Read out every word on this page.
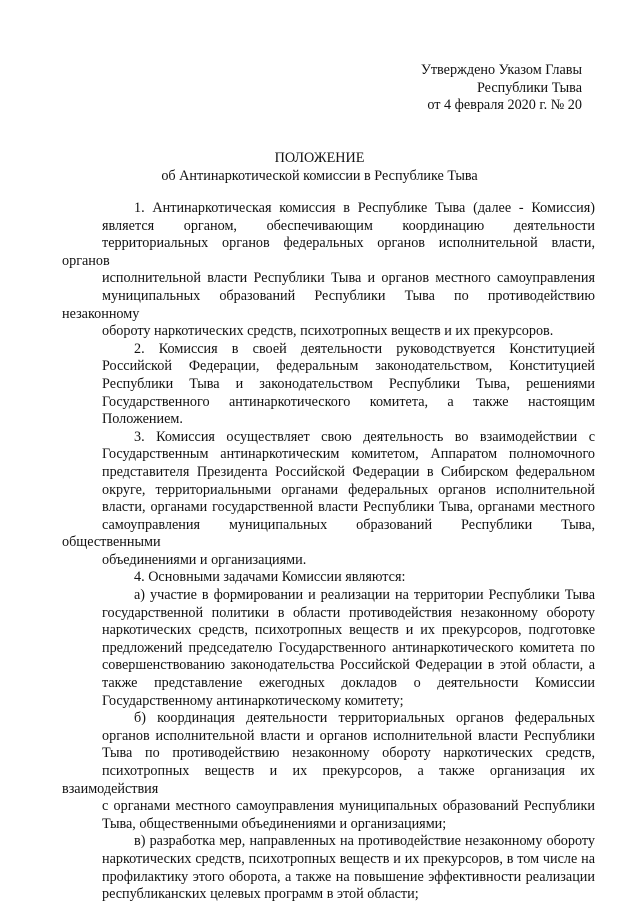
Утверждено Указом Главы
Республики Тыва
от 4 февраля 2020 г. № 20
ПОЛОЖЕНИЕ
об Антинаркотической комиссии в Республике Тыва
1. Антинаркотическая комиссия в Республике Тыва (далее - Комиссия)
является органом, обеспечивающим координацию деятельности
территориальных органов федеральных органов исполнительной власти, органов
исполнительной власти Республики Тыва и органов местного самоуправления
муниципальных образований Республики Тыва по противодействию незаконному
обороту наркотических средств, психотропных веществ и их прекурсоров.
2. Комиссия в своей деятельности руководствуется Конституцией
Российской Федерации, федеральным законодательством, Конституцией
Республики Тыва и законодательством Республики Тыва, решениями
Государственного антинаркотического комитета, а также настоящим
Положением.
3. Комиссия осуществляет свою деятельность во взаимодействии с
Государственным антинаркотическим комитетом, Аппаратом полномочного
представителя Президента Российской Федерации в Сибирском федеральном
округе, территориальными органами федеральных органов исполнительной
власти, органами государственной власти Республики Тыва, органами местного
самоуправления муниципальных образований Республики Тыва, общественными
объединениями и организациями.
4. Основными задачами Комиссии являются:
а) участие в формировании и реализации на территории Республики Тыва
государственной политики в области противодействия незаконному обороту
наркотических средств, психотропных веществ и их прекурсоров, подготовке
предложений председателю Государственного антинаркотического комитета по
совершенствованию законодательства Российской Федерации в этой области, а
также представление ежегодных докладов о деятельности Комиссии
Государственному антинаркотическому комитету;
б) координация деятельности территориальных органов федеральных
органов исполнительной власти и органов исполнительной власти Республики
Тыва по противодействию незаконному обороту наркотических средств,
психотропных веществ и их прекурсоров, а также организация их взаимодействия
с органами местного самоуправления муниципальных образований Республики
Тыва, общественными объединениями и организациями;
в) разработка мер, направленных на противодействие незаконному обороту
наркотических средств, психотропных веществ и их прекурсоров, в том числе на
профилактику этого оборота, а также на повышение эффективности реализации
республиканских целевых программ в этой области;
